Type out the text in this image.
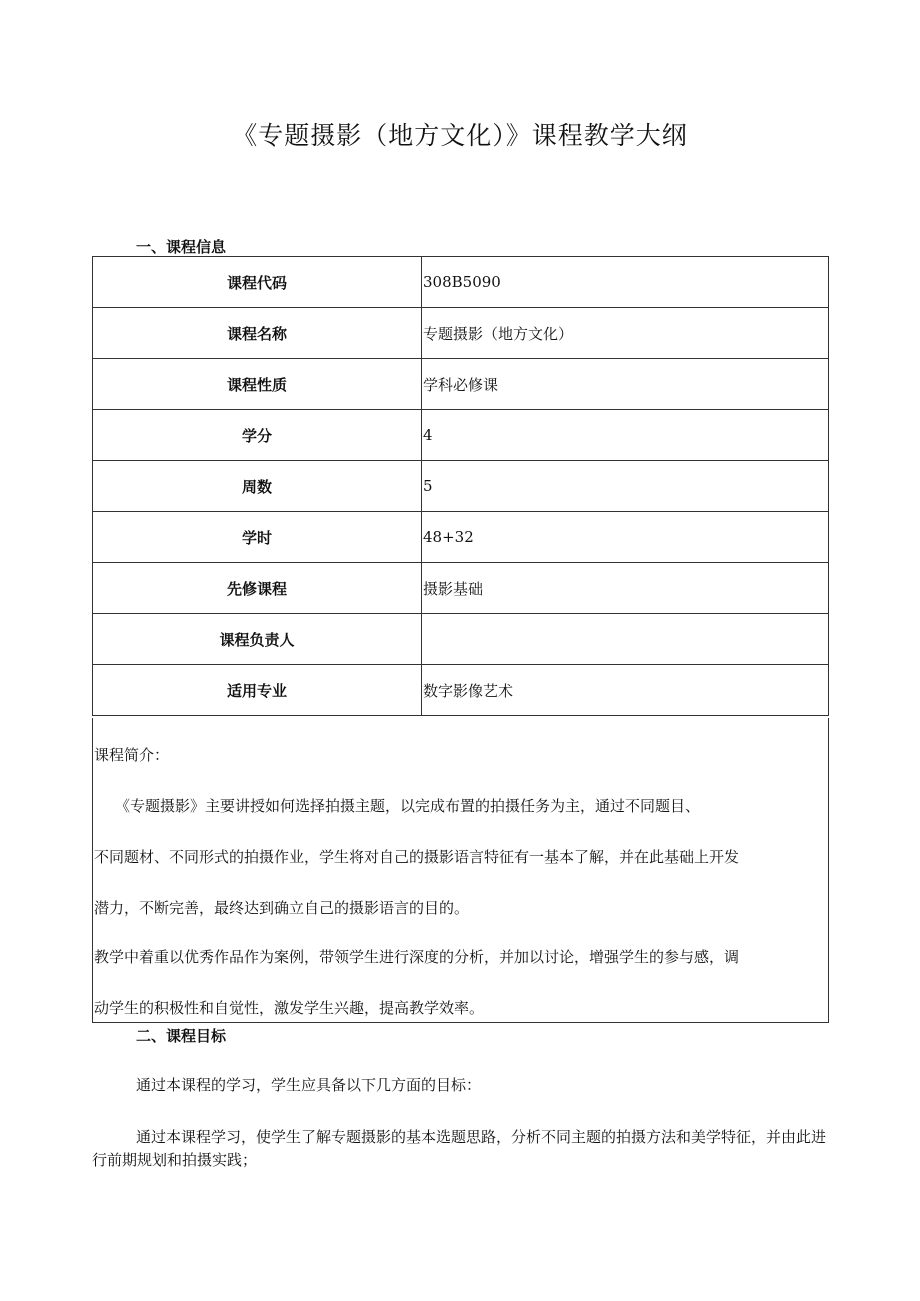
《专题摄影（地方文化）》课程教学大纲
一、课程信息
课程代码	308B5090
课程名称	专题摄影（地方文化）
课程性质	学科必修课
学分	4
周数	5
学时	48+32
先修课程	摄影基础
课程负责人	
适用专业	数字影像艺术

课程简介：

《专题摄影》主要讲授如何选择拍摄主题，以完成布置的拍摄任务为主，通过不同题目、

不同题材、不同形式的拍摄作业，学生将对自己的摄影语言特征有一基本了解，并在此基础上开发

潜力，不断完善，最终达到确立自己的摄影语言的目的。

教学中着重以优秀作品作为案例，带领学生进行深度的分析，并加以讨论，增强学生的参与感，调

动学生的积极性和自觉性，激发学生兴趣，提高教学效率。

二、课程目标

通过本课程的学习，学生应具备以下几方面的目标：

通过本课程学习，使学生了解专题摄影的基本选题思路，分析不同主题的拍摄方法和美学特征，并由此进行前期规划和拍摄实践；
